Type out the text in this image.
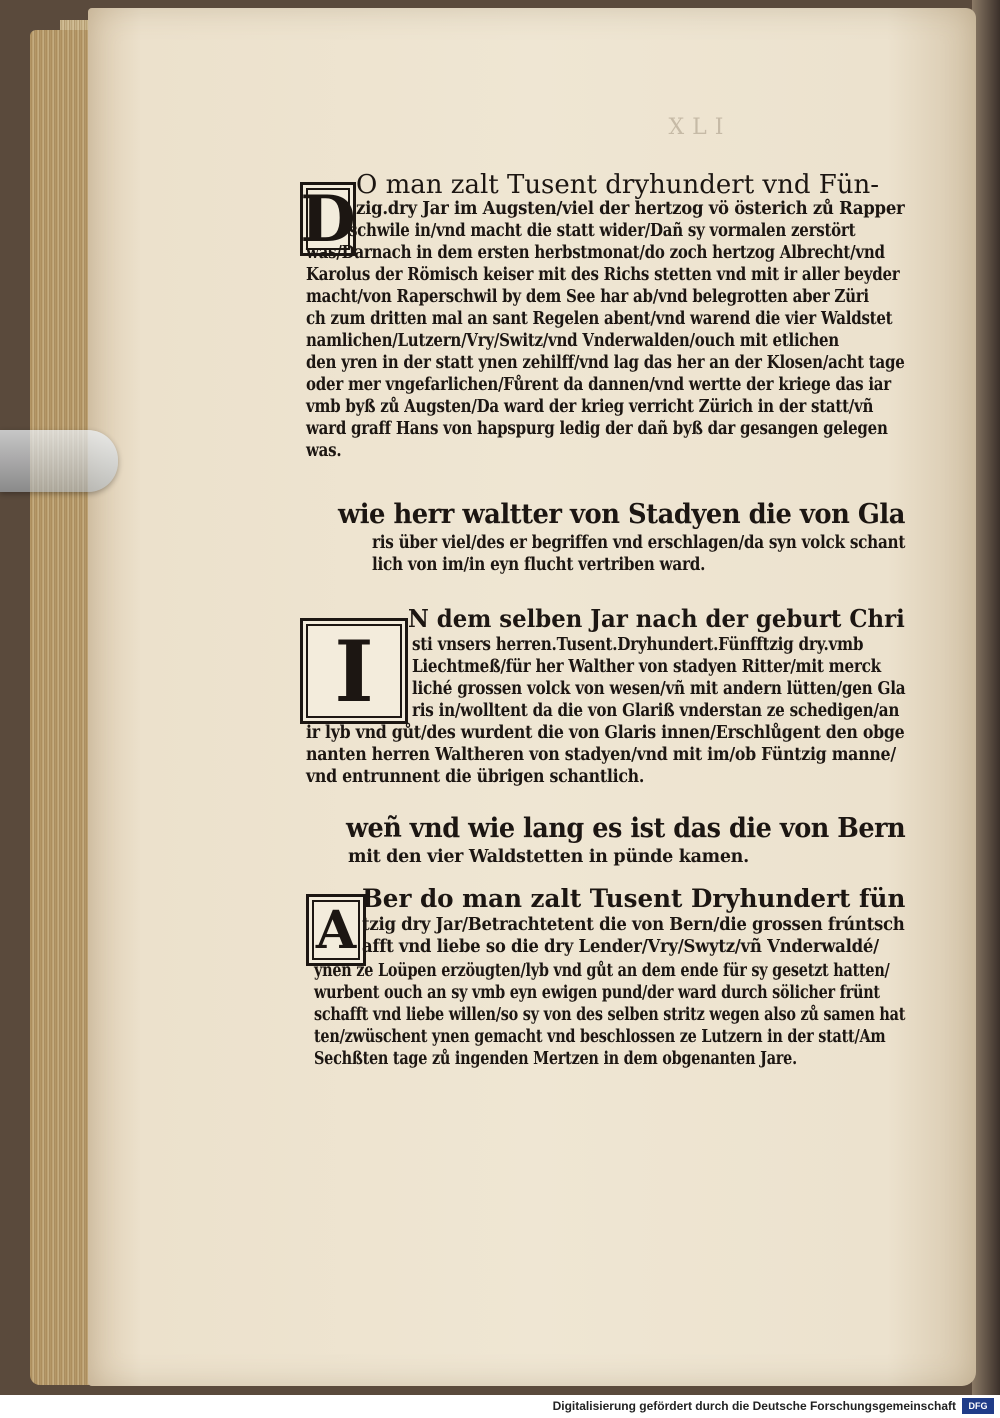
XLI
D O man zalt Tusent dryhundert vnd Fün-
zig.dry Jar im Augsten/viel der hertzog vö österich zů Rapper
schwile in/vnd macht die statt wider/Dañ sy vormalen zerstört
was/Darnach in dem ersten herbstmonat/do zoch hertzog Albrecht/vnd
Karolus der Römisch keiser mit des Richs stetten vnd mit ir aller beyder
macht/von Raperschwil by dem See har ab/vnd belegrotten aber Züri
ch zum dritten mal an sant Regelen abent/vnd warend die vier Waldstet
namlichen/Lutzern/Vry/Switz/vnd Vnderwalden/ouch mit etlichen
den yren in der statt ynen zehilff/vnd lag das her an der Klosen/acht tage
oder mer vngefarlichen/Fůrent da dannen/vnd wertte der kriege das iar
vmb byß zů Augsten/Da ward der krieg verricht Zürich in der statt/vñ
ward graff Hans von hapspurg ledig der dañ byß dar gesangen gelegen
was.
wie herr waltter von Stadyen die von Gla
ris über viel/des er begriffen vnd erschlagen/da syn volck schant
lich von im/in eyn flucht vertriben ward.
I
N dem selben Jar nach der geburt Chri
sti vnsers herren.Tusent.Dryhundert.Fünfftzig dry.vmb
Liechtmeß/für her Walther von stadyen Ritter/mit merck
liché grossen volck von wesen/vñ mit andern lütten/gen Gla
ris in/wolltent da die von Glariß vnderstan ze schedigen/an
ir lyb vnd gůt/des wurdent die von Glaris innen/Erschlůgent den obge
nanten herren Waltheren von stadyen/vnd mit im/ob Füntzig manne/
vnd entrunnent die übrigen schantlich.
weñ vnd wie lang es ist das die von Bern
mit den vier Waldstetten in pünde kamen.
A
Ber do man zalt Tusent Dryhundert fün
tzig dry Jar/Betrachtetent die von Bern/die grossen frúntsch
afft vnd liebe so die dry Lender/Vry/Swytz/vñ Vnderwaldé/
ynen ze Loüpen erzöugten/lyb vnd gůt an dem ende für sy gesetzt hatten/
wurbent ouch an sy vmb eyn ewigen pund/der ward durch sölicher frünt
schafft vnd liebe willen/so sy von des selben stritz wegen also zů samen hat
ten/zwüschent ynen gemacht vnd beschlossen ze Lutzern in der statt/Am
Sechßten tage zů ingenden Mertzen in dem obgenanten Jare.
Digitalisierung gefördert durch die Deutsche Forschungsgemeinschaft	DFG
